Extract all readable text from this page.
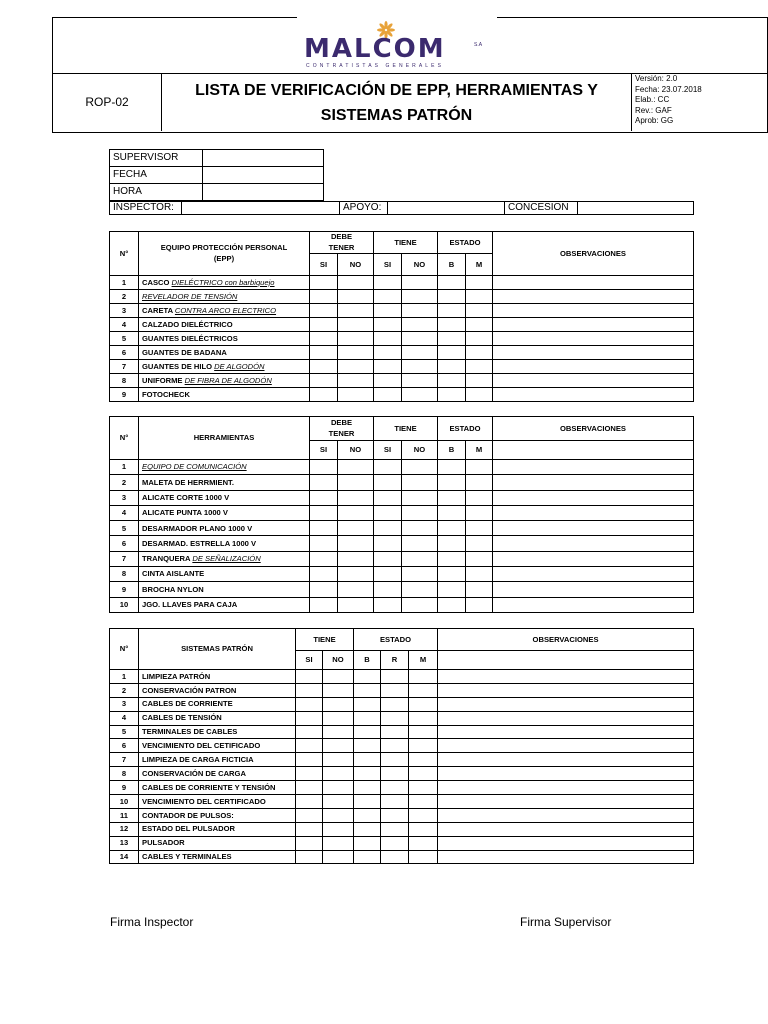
MALCOM	S.A
CONTRATISTAS GENERALES
ROP-02
LISTA DE VERIFICACIÓN DE EPP, HERRAMIENTAS Y
SISTEMAS PATRÓN
Versión: 2.0
Fecha: 23.07.2018
Elab.: CC
Rev.: GAF
Aprob: GG
SUPERVISOR	
FECHA	
HORA	
INSPECTOR:		APOYO:		CONCESION	
N°	EQUIPO PROTECCIÓN PERSONAL
(EPP)	DEBE
TENER		TIENE		ESTADO		OBSERVACIONES
		SI	NO	SI	NO	B	M	
1	CASCO DIELÉCTRICO con barbiquejo							
2	REVELADOR DE TENSIÓN							
3	CARETA CONTRA ARCO ELECTRICO							
4	CALZADO DIELÉCTRICO							
5	GUANTES DIELÉCTRICOS							
6	GUANTES DE BADANA							
7	GUANTES DE HILO DE ALGODÓN							
8	UNIFORME DE FIBRA DE ALGODÓN							
9	FOTOCHECK							
N°	HERRAMIENTAS	DEBE
TENER		TIENE		ESTADO		OBSERVACIONES
		SI	NO	SI	NO	B	M	
1	EQUIPO DE COMUNICACIÓN							
2	MALETA DE HERRMIENT.							
3	ALICATE CORTE 1000 V							
4	ALICATE PUNTA 1000 V							
5	DESARMADOR PLANO 1000 V							
6	DESARMAD. ESTRELLA 1000 V							
7	TRANQUERA DE SEÑALIZACIÓN							
8	CINTA AISLANTE							
9	BROCHA NYLON							
10	JGO. LLAVES PARA CAJA							
N°	SISTEMAS PATRÓN	TIENE		ESTADO			OBSERVACIONES
		SI	NO	B	R	M	
1	LIMPIEZA PATRÓN						
2	CONSERVACIÓN PATRON						
3	CABLES DE CORRIENTE						
4	CABLES DE TENSIÓN						
5	TERMINALES DE CABLES						
6	VENCIMIENTO DEL CETIFICADO						
7	LIMPIEZA DE CARGA FICTICIA						
8	CONSERVACIÓN DE CARGA						
9	CABLES DE CORRIENTE Y TENSIÓN						
10	VENCIMIENTO DEL CERTIFICADO						
11	CONTADOR DE PULSOS:						
12	ESTADO DEL PULSADOR						
13	PULSADOR						
14	CABLES Y TERMINALES						
Firma Inspector	Firma Supervisor
